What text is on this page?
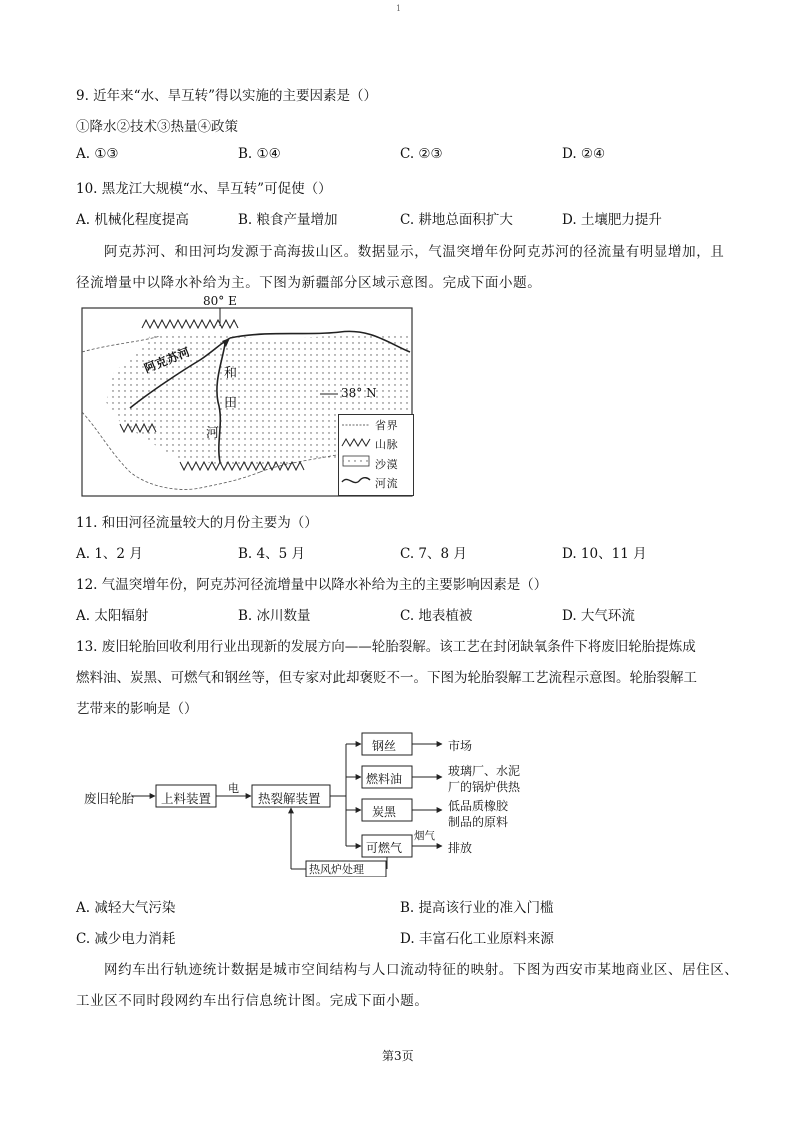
1
9. 近年来“水、旱互转”得以实施的主要因素是（）
①降水②技术③热量④政策
A. ①③	B. ①④	C. ②③	D. ②④
10. 黑龙江大规模“水、旱互转”可促使（）
A. 机械化程度提高	B. 粮食产量增加	C. 耕地总面积扩大	D. 土壤肥力提升
阿克苏河、和田河均发源于高海拔山区。数据显示，气温突增年份阿克苏河的径流量有明显增加，且
径流增量中以降水补给为主。下图为新疆部分区域示意图。完成下面小题。
80° E
38° N
阿克苏河 和
田
河
省界
山脉
沙漠
河流
11. 和田河径流量较大的月份主要为（）
A. 1、2 月	B. 4、5 月	C. 7、8 月	D. 10、11 月
12. 气温突增年份，阿克苏河径流增量中以降水补给为主的主要影响因素是（）
A. 太阳辐射	B. 冰川数量	C. 地表植被	D. 大气环流
13. 废旧轮胎回收利用行业出现新的发展方向——轮胎裂解。该工艺在封闭缺氧条件下将废旧轮胎提炼成
燃料油、炭黑、可燃气和钢丝等，但专家对此却褒贬不一。下图为轮胎裂解工艺流程示意图。轮胎裂解工
艺带来的影响是（）
废旧轮胎 上料装置
电
热裂解装置
钢丝
燃料油
炭黑
可燃气
市场
玻璃厂、水泥
厂的锅炉供热
低品质橡胶
制品的原料
排放
烟气
热风炉处理
A. 减轻大气污染	B. 提高该行业的准入门槛
C. 减少电力消耗	D. 丰富石化工业原料来源
网约车出行轨迹统计数据是城市空间结构与人口流动特征的映射。下图为西安市某地商业区、居住区、
工业区不同时段网约车出行信息统计图。完成下面小题。
第3页
